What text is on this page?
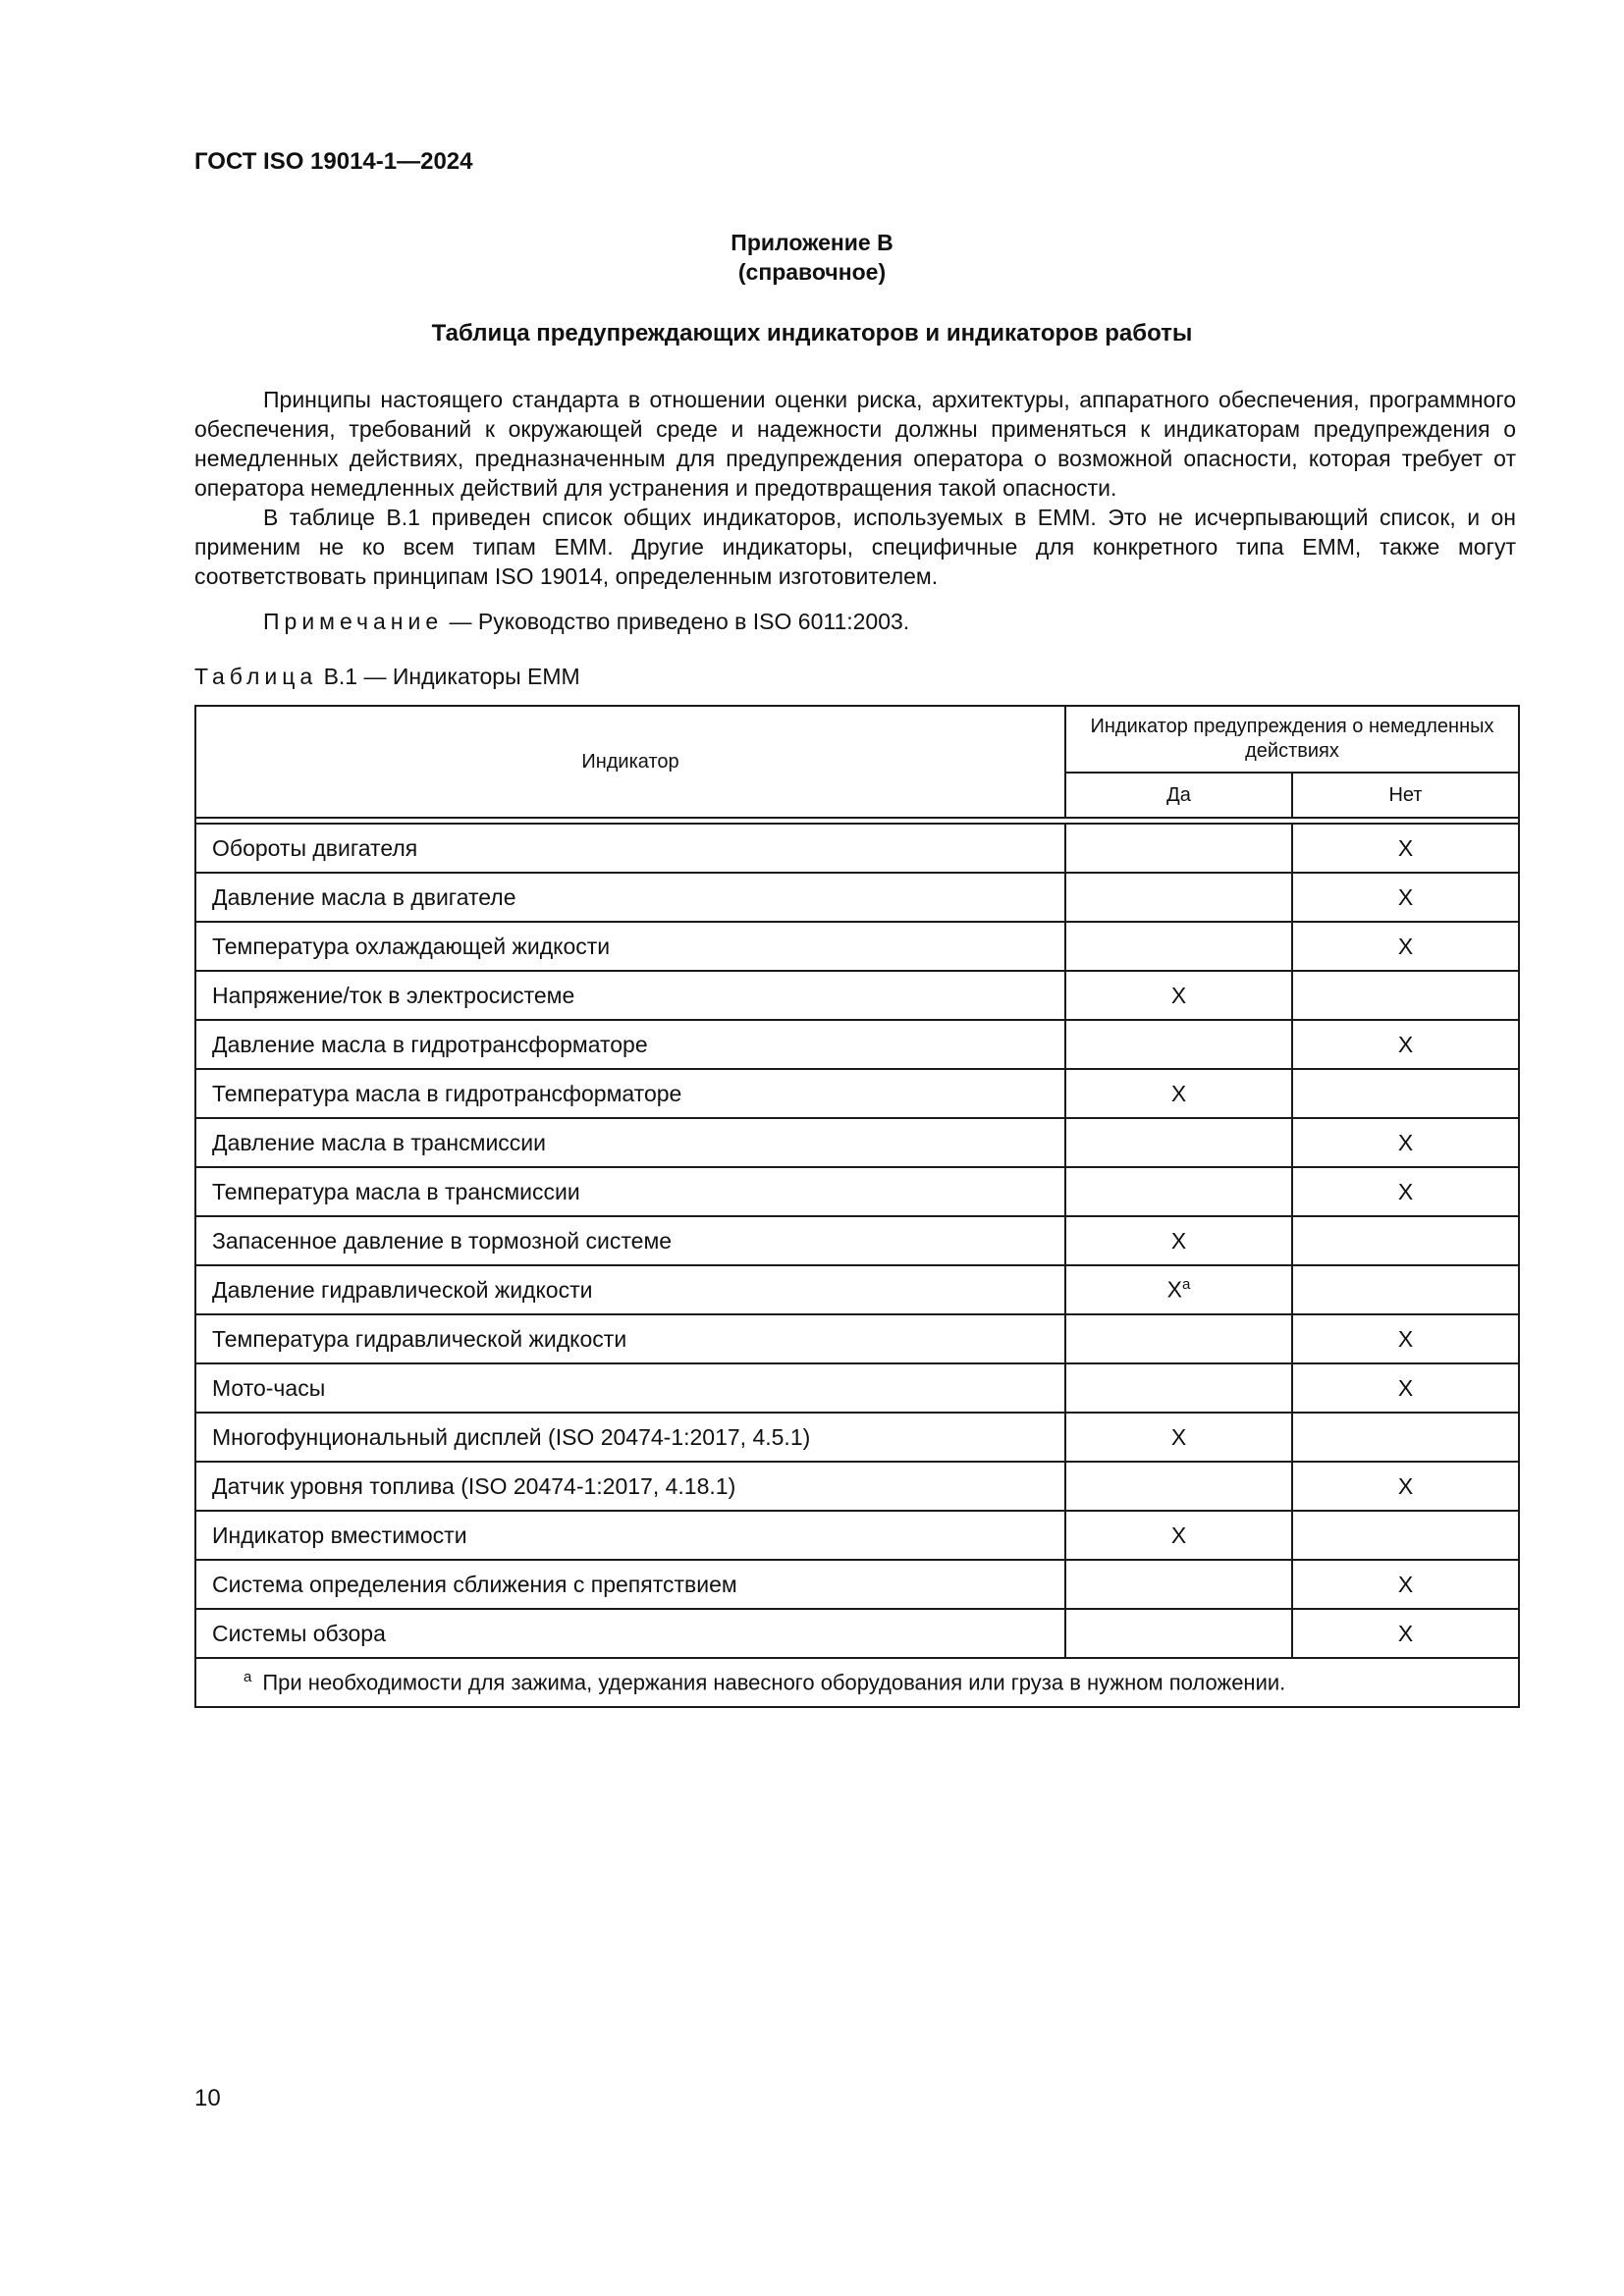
ГОСТ ISO 19014-1—2024
Приложение В
(справочное)
Таблица предупреждающих индикаторов и индикаторов работы

Принципы настоящего стандарта в отношении оценки риска, архитектуры, аппаратного обеспечения, программного обеспечения, требований к окружающей среде и надежности должны применяться к индикаторам предупреждения о немедленных действиях, предназначенным для предупреждения оператора о возможной опасности, которая требует от оператора немедленных действий для устранения и предотвращения такой опасности.

В таблице В.1 приведен список общих индикаторов, используемых в ЕММ. Это не исчерпывающий список, и он применим не ко всем типам ЕММ. Другие индикаторы, специфичные для конкретного типа ЕММ, также могут соответствовать принципам ISO 19014, определенным изготовителем.

Примечание — Руководство приведено в ISO 6011:2003.
Таблица В.1 — Индикаторы ЕММ
Индикатор	Индикатор предупреждения о немедленных действиях	
	Да	Нет

Обороты двигателя		X
Давление масла в двигателе		X
Температура охлаждающей жидкости		X
Напряжение/ток в электросистеме	X	
Давление масла в гидротрансформаторе		X
Температура масла в гидротрансформаторе	X	
Давление масла в трансмиссии		X
Температура масла в трансмиссии		X
Запасенное давление в тормозной системе	X	
Давление гидравлической жидкости	$X^a$	
Температура гидравлической жидкости		X
Мото-часы		X
Многофунциональный дисплей (ISO 20474-1:2017, 4.5.1)	X	
Датчик уровня топлива (ISO 20474-1:2017, 4.18.1)		X
Индикатор вместимости	X	
Система определения сближения с препятствием		X
Системы обзора		X
$^a$  При необходимости для зажима, удержания навесного оборудования или груза в нужном положении.		
10
